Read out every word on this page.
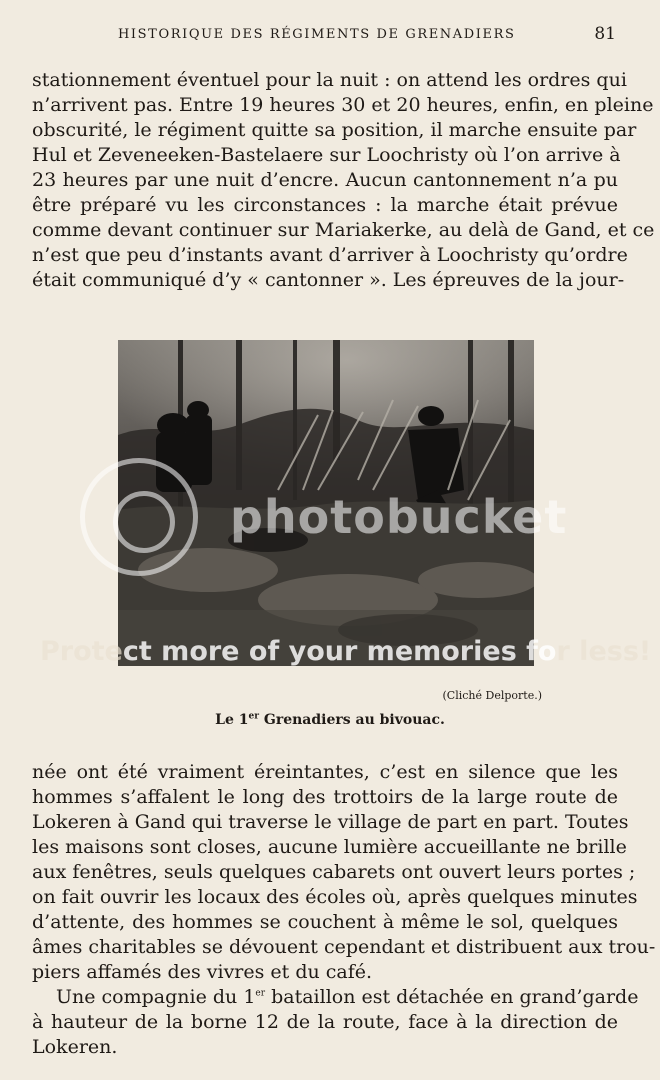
HISTORIQUE DES RÉGIMENTS DE GRENADIERS	81
stationnement éventuel pour la nuit : on attend les ordres qui
n’arrivent pas. Entre 19 heures 30 et 20 heures, enfin, en pleine
obscurité, le régiment quitte sa position, il marche ensuite par
Hul et Zeveneeken-Bastelaere sur Loochristy où l’on arrive à
23 heures par une nuit d’encre. Aucun cantonnement n’a pu
être préparé vu les circonstances : la marche était prévue
comme devant continuer sur Mariakerke, au delà de Gand, et ce
n’est que peu d’instants avant d’arriver à Loochristy qu’ordre
était communiqué d’y « cantonner ». Les épreuves de la jour-
photobucket
Protect more of your memories for less!
(Cliché Delporte.)
Le 1er Grenadiers au bivouac.
née ont été vraiment éreintantes, c’est en silence que les
hommes s’affalent le long des trottoirs de la large route de
Lokeren à Gand qui traverse le village de part en part. Toutes
les maisons sont closes, aucune lumière accueillante ne brille
aux fenêtres, seuls quelques cabarets ont ouvert leurs portes ;
on fait ouvrir les locaux des écoles où, après quelques minutes
d’attente, des hommes se couchent à même le sol, quelques
âmes charitables se dévouent cependant et distribuent aux trou-
piers affamés des vivres et du café.
Une compagnie du 1er bataillon est détachée en grand’garde
à hauteur de la borne 12 de la route, face à la direction de
Lokeren.
